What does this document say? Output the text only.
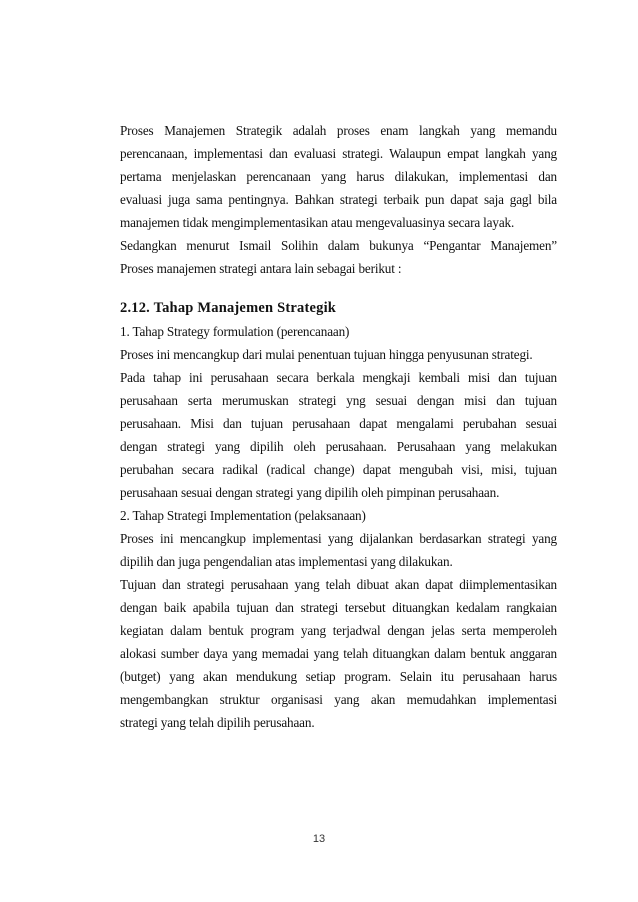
Proses Manajemen Strategik adalah proses enam langkah yang memandu
perencanaan, implementasi dan evaluasi strategi. Walaupun empat langkah yang
pertama menjelaskan perencanaan yang harus dilakukan, implementasi dan
evaluasi juga sama pentingnya. Bahkan strategi terbaik pun dapat saja gagl bila
manajemen tidak mengimplementasikan atau mengevaluasinya secara layak.
Sedangkan menurut Ismail Solihin dalam bukunya “Pengantar Manajemen”
Proses manajemen strategi antara lain sebagai berikut :
2.12. Tahap Manajemen Strategik
1. Tahap Strategy formulation (perencanaan)
Proses ini mencangkup dari mulai penentuan tujuan hingga penyusunan strategi.
Pada tahap ini perusahaan secara berkala mengkaji kembali misi dan tujuan
perusahaan serta merumuskan strategi yng sesuai dengan misi dan tujuan
perusahaan. Misi dan tujuan perusahaan dapat mengalami perubahan sesuai
dengan strategi yang dipilih oleh perusahaan. Perusahaan yang melakukan
perubahan secara radikal (radical change) dapat mengubah visi, misi, tujuan
perusahaan sesuai dengan strategi yang dipilih oleh pimpinan perusahaan.
2. Tahap Strategi Implementation (pelaksanaan)
Proses ini mencangkup implementasi yang dijalankan berdasarkan strategi yang
dipilih dan juga pengendalian atas implementasi yang dilakukan.
Tujuan dan strategi perusahaan yang telah dibuat akan dapat diimplementasikan
dengan baik apabila tujuan dan strategi tersebut dituangkan kedalam rangkaian
kegiatan dalam bentuk program yang terjadwal dengan jelas serta memperoleh
alokasi sumber daya yang memadai yang telah dituangkan dalam bentuk anggaran
(butget) yang akan mendukung setiap program. Selain itu perusahaan harus
mengembangkan struktur organisasi yang akan memudahkan implementasi
strategi yang telah dipilih perusahaan.
13
